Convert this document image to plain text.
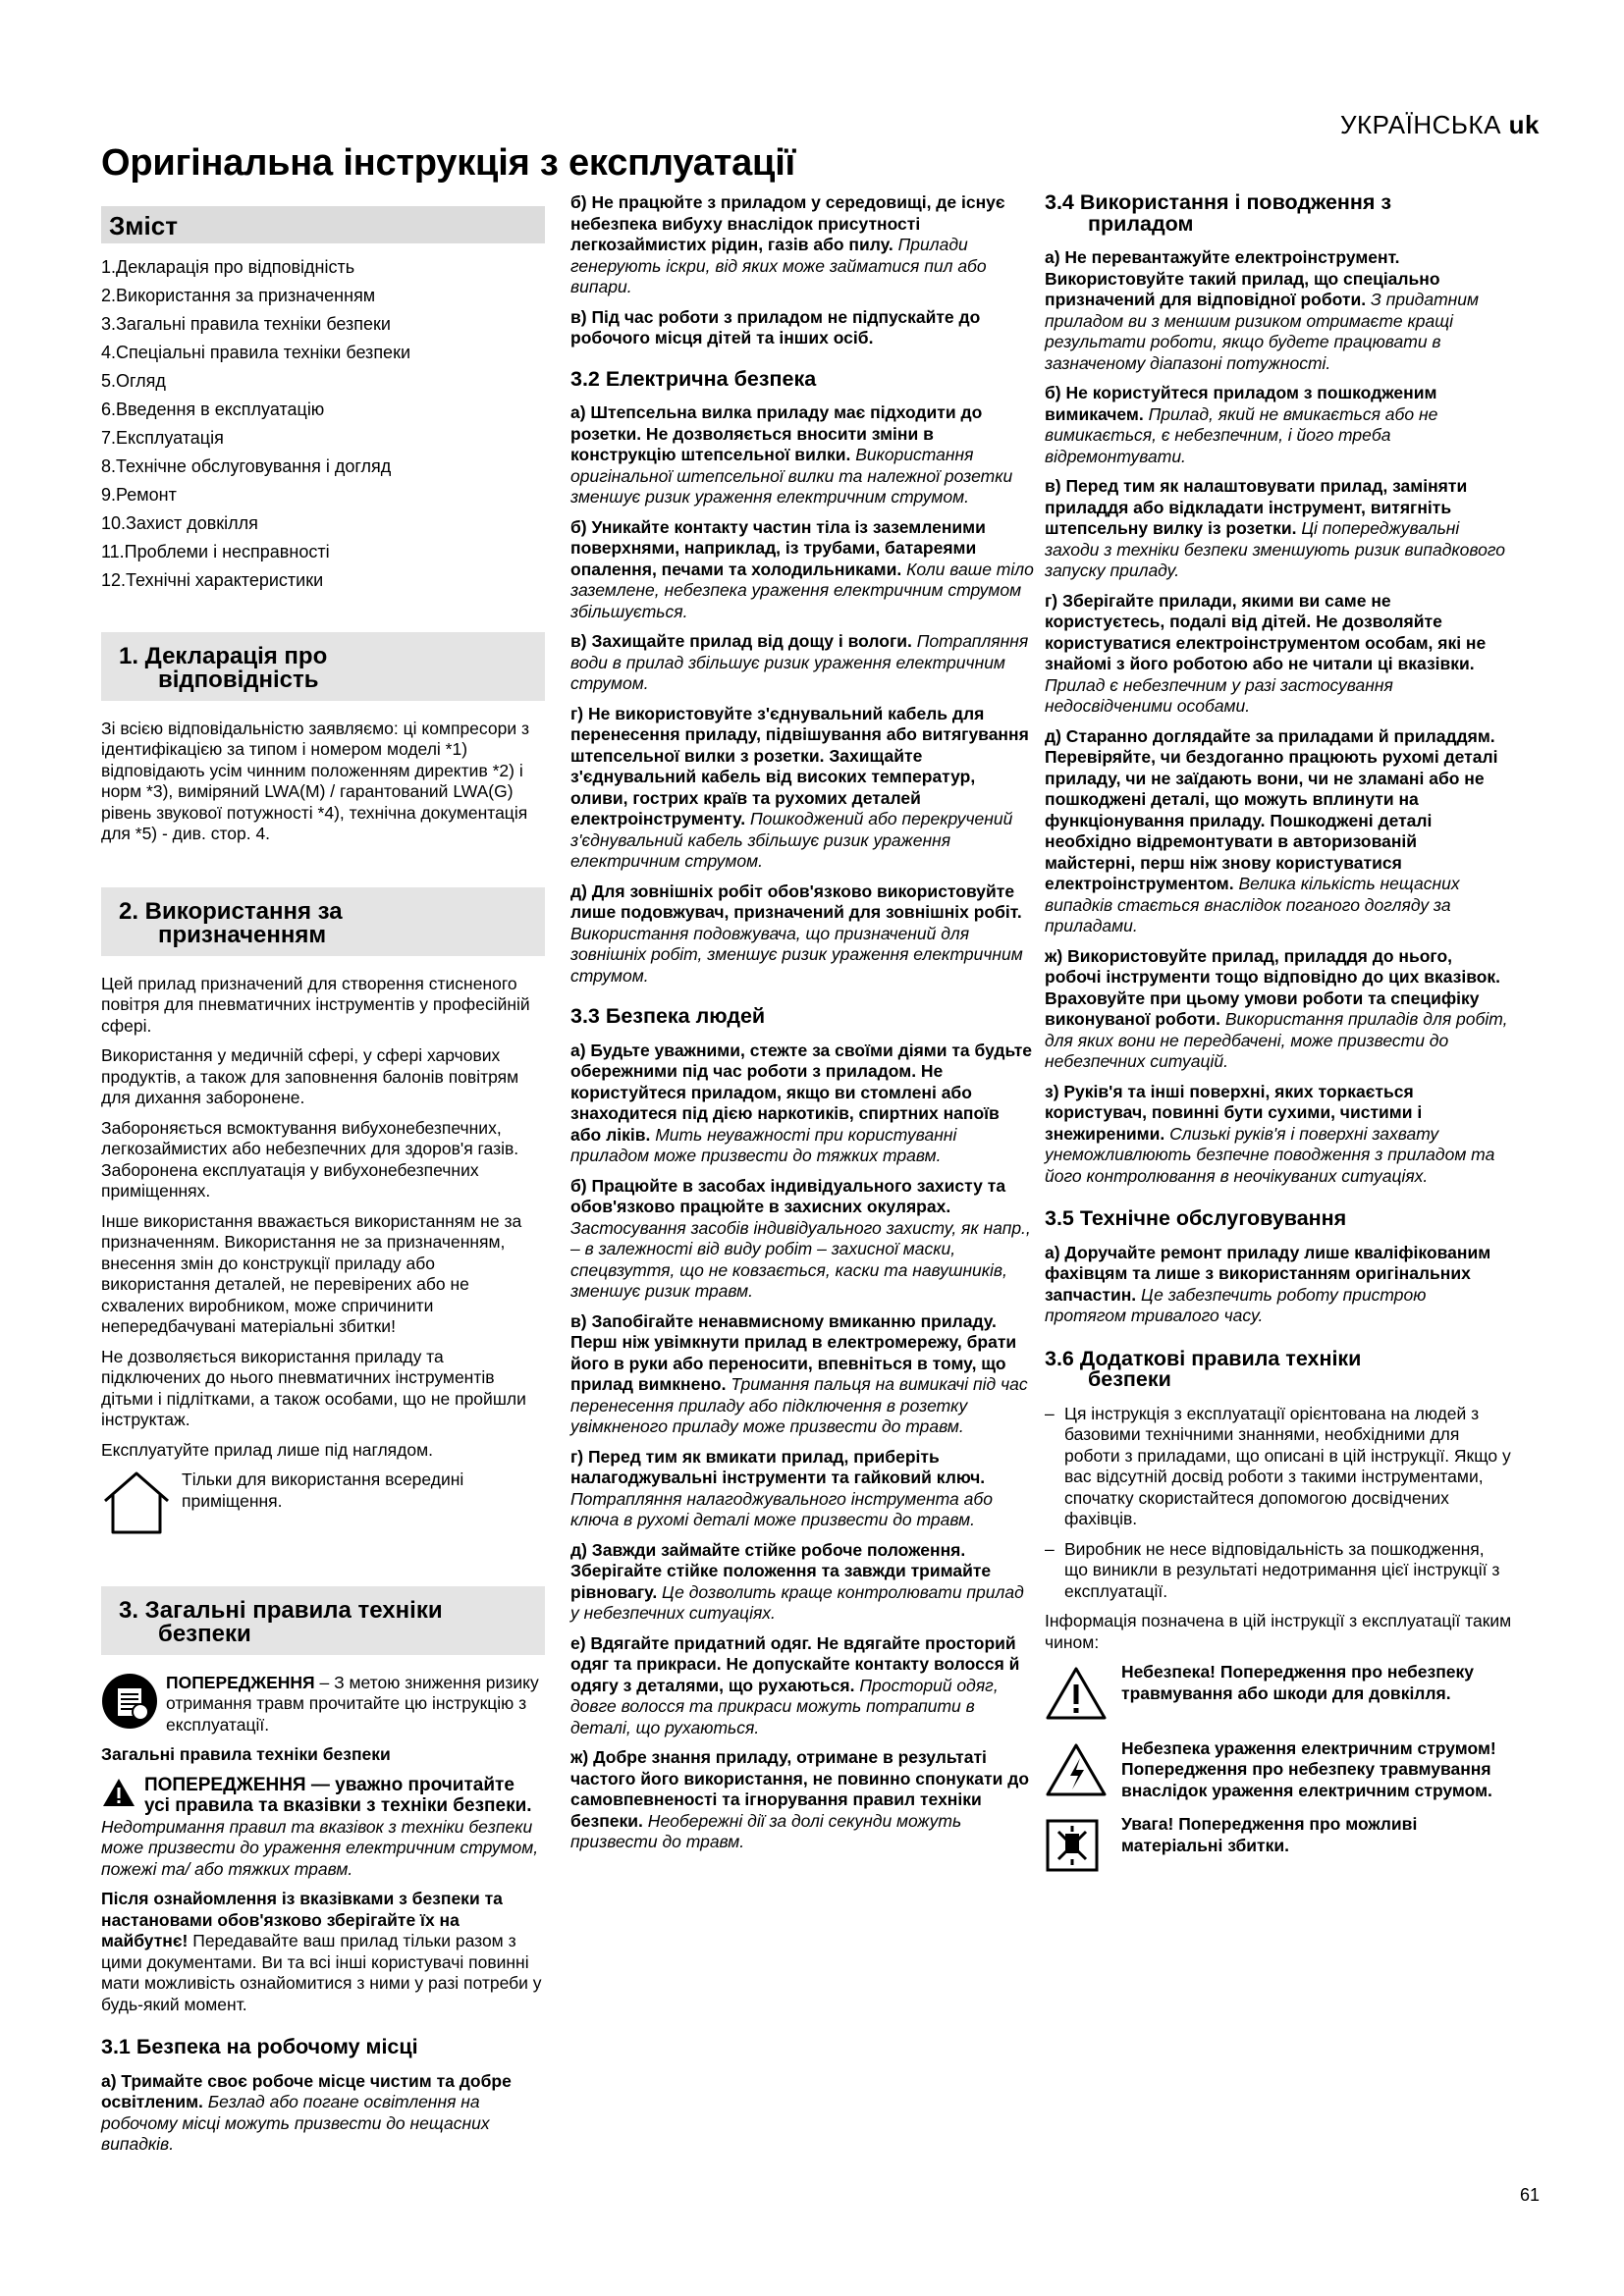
УКРАЇНСЬКА uk
Оригінальна інструкція з експлуатації
Зміст
1.Декларація про відповідність
2.Використання за призначенням
3.Загальні правила техніки безпеки
4.Спеціальні правила техніки безпеки
5.Огляд
6.Введення в експлуатацію
7.Експлуатація
8.Технічне обслуговування і догляд
9.Ремонт
10.Захист довкілля
11.Проблеми і несправності
12.Технічні характеристики
1. Декларація про
відповідність

Зі всією відповідальністю заявляємо: ці компресори з ідентифікацією за типом і номером моделі *1) відповідають усім чинним положенням директив *2) і норм *3), виміряний LWA(M) / гарантований LWA(G) рівень звукової потужності *4), технічна документація для *5) - див. стор. 4.

2. Використання за
призначенням

Цей прилад призначений для створення стисненого повітря для пневматичних інструментів у професійній сфері.

Використання у медичній сфері, у сфері харчових продуктів, а також для заповнення балонів повітрям для дихання заборонене.

Забороняється всмоктування вибухонебезпечних, легкозаймистих або небезпечних для здоров'я газів. Заборонена експлуатація у вибухонебезпечних приміщеннях.

Інше використання вважається використанням не за призначенням. Використання не за призначенням, внесення змін до конструкції приладу або використання деталей, не перевірених або не схвалених виробником, може спричинити непередбачувані матеріальні збитки!

Не дозволяється використання приладу та підключених до нього пневматичних інструментів дітьми і підлітками, а також особами, що не пройшли інструктаж.

Експлуатуйте прилад лише під наглядом.

Тільки для використання всередині приміщення.
3. Загальні правила техніки
безпеки
ПОПЕРЕДЖЕННЯ – З метою зниження ризику отримання травм прочитайте цю інструкцію з експлуатації.

Загальні правила техніки безпеки

ПОПЕРЕДЖЕННЯ — уважно прочитайте усі правила та вказівки з техніки безпеки. Недотримання правил та вказівок з техніки безпеки може призвести до ураження електричним струмом, пожежі та/ або тяжких травм.

Після ознайомлення із вказівками з безпеки та настановами обов'язково зберігайте їх на майбутнє! Передавайте ваш прилад тільки разом з цими документами. Ви та всі інші користувачі повинні мати можливість ознайомитися з ними у разі потреби у будь-який момент.

3.1 Безпека на робочому місці

а) Тримайте своє робоче місце чистим та добре освітленим. Безлад або погане освітлення на робочому місці можуть призвести до нещасних випадків.

б) Не працюйте з приладом у середовищі, де існує небезпека вибуху внаслідок присутності легкозаймистих рідин, газів або пилу. Прилади генерують іскри, від яких може займатися пил або випари.

в) Під час роботи з приладом не підпускайте до робочого місця дітей та інших осіб.

3.2 Електрична безпека

а) Штепсельна вилка приладу має підходити до розетки. Не дозволяється вносити зміни в конструкцію штепсельної вилки. Використання оригінальної штепсельної вилки та належної розетки зменшує ризик ураження електричним струмом.

б) Уникайте контакту частин тіла із заземленими поверхнями, наприклад, із трубами, батареями опалення, печами та холодильниками. Коли ваше тіло заземлене, небезпека ураження електричним струмом збільшується.

в) Захищайте прилад від дощу і вологи. Потрапляння води в прилад збільшує ризик ураження електричним струмом.

г) Не використовуйте з'єднувальний кабель для перенесення приладу, підвішування або витягування штепсельної вилки з розетки. Захищайте з'єднувальний кабель від високих температур, оливи, гострих країв та рухомих деталей електроінструменту. Пошкоджений або перекручений з'єднувальний кабель збільшує ризик ураження електричним струмом.

д) Для зовнішніх робіт обов'язково використовуйте лише подовжувач, призначений для зовнішніх робіт. Використання подовжувача, що призначений для зовнішніх робіт, зменшує ризик ураження електричним струмом.

3.3 Безпека людей

а) Будьте уважними, стежте за своїми діями та будьте обережними під час роботи з приладом. Не користуйтеся приладом, якщо ви стомлені або знаходитеся під дією наркотиків, спиртних напоїв або ліків. Мить неуважності при користуванні приладом може призвести до тяжких травм.

б) Працюйте в засобах індивідуального захисту та обов'язково працюйте в захисних окулярах. Застосування засобів індивідуального захисту, як напр., – в залежності від виду робіт – захисної маски, спецвзуття, що не ковзається, каски та навушників, зменшує ризик травм.

в) Запобігайте ненавмисному вмиканню приладу. Перш ніж увімкнути прилад в електромережу, брати його в руки або переносити, впевніться в тому, що прилад вимкнено. Тримання пальця на вимикачі під час перенесення приладу або підключення в розетку увімкненого приладу може призвести до травм.

г) Перед тим як вмикати прилад, приберіть налагоджувальні інструменти та гайковий ключ. Потрапляння налагоджувального інструмента або ключа в рухомі деталі може призвести до травм.

д) Завжди займайте стійке робоче положення. Зберігайте стійке положення та завжди тримайте рівновагу. Це дозволить краще контролювати прилад у небезпечних ситуаціях.

е) Вдягайте придатний одяг. Не вдягайте просторий одяг та прикраси. Не допускайте контакту волосся й одягу з деталями, що рухаються. Просторий одяг, довге волосся та прикраси можуть потрапити в деталі, що рухаються.

ж) Добре знання приладу, отримане в результаті частого його використання, не повинно спонукати до самовпевненості та ігнорування правил техніки безпеки. Необережні дії за долі секунди можуть призвести до травм.

3.4 Використання і поводження з
приладом

а) Не перевантажуйте електроінструмент. Використовуйте такий прилад, що спеціально призначений для відповідної роботи. З придатним приладом ви з меншим ризиком отримаєте кращі результати роботи, якщо будете працювати в зазначеному діапазоні потужності.

б) Не користуйтеся приладом з пошкодженим вимикачем. Прилад, який не вмикається або не вимикається, є небезпечним, і його треба відремонтувати.

в) Перед тим як налаштовувати прилад, заміняти приладдя або відкладати інструмент, витягніть штепсельну вилку із розетки. Ці попереджувальні заходи з техніки безпеки зменшують ризик випадкового запуску приладу.

г) Зберігайте прилади, якими ви саме не користуєтесь, подалі від дітей. Не дозволяйте користуватися електроінструментом особам, які не знайомі з його роботою або не читали ці вказівки. Прилад є небезпечним у разі застосування недосвідченими особами.

д) Старанно доглядайте за приладами й приладдям. Перевіряйте, чи бездоганно працюють рухомі деталі приладу, чи не заїдають вони, чи не зламані або не пошкоджені деталі, що можуть вплинути на функціонування приладу. Пошкоджені деталі необхідно відремонтувати в авторизованій майстерні, перш ніж знову користуватися електроінструментом. Велика кількість нещасних випадків стається внаслідок поганого догляду за приладами.

ж) Використовуйте прилад, приладдя до нього, робочі інструменти тощо відповідно до цих вказівок. Враховуйте при цьому умови роботи та специфіку виконуваної роботи. Використання приладів для робіт, для яких вони не передбачені, може призвести до небезпечних ситуацій.

з) Руків'я та інші поверхні, яких торкається користувач, повинні бути сухими, чистими і знежиреними. Слизькі руків'я і поверхні захвату унеможливлюють безпечне поводження з приладом та його контролювання в неочікуваних ситуаціях.

3.5 Технічне обслуговування

а) Доручайте ремонт приладу лише кваліфікованим фахівцям та лише з використанням оригінальних запчастин. Це забезпечить роботу пристрою протягом тривалого часу.

3.6 Додаткові правила техніки
безпеки
– Ця інструкція з експлуатації орієнтована на людей з базовими технічними знаннями, необхідними для роботи з приладами, що описані в цій інструкції. Якщо у вас відсутній досвід роботи з такими інструментами, спочатку скористайтеся допомогою досвідчених фахівців.
– Виробник не несе відповідальність за пошкодження, що виникли в результаті недотримання цієї інструкції з експлуатації.

Інформація позначена в цій інструкції з експлуатації таким чином:

Небезпека! Попередження про небезпеку травмування або шкоди для довкілля.
Небезпека ураження електричним струмом! Попередження про небезпеку травмування внаслідок ураження електричним струмом.
Увага! Попередження про можливі матеріальні збитки.
61
